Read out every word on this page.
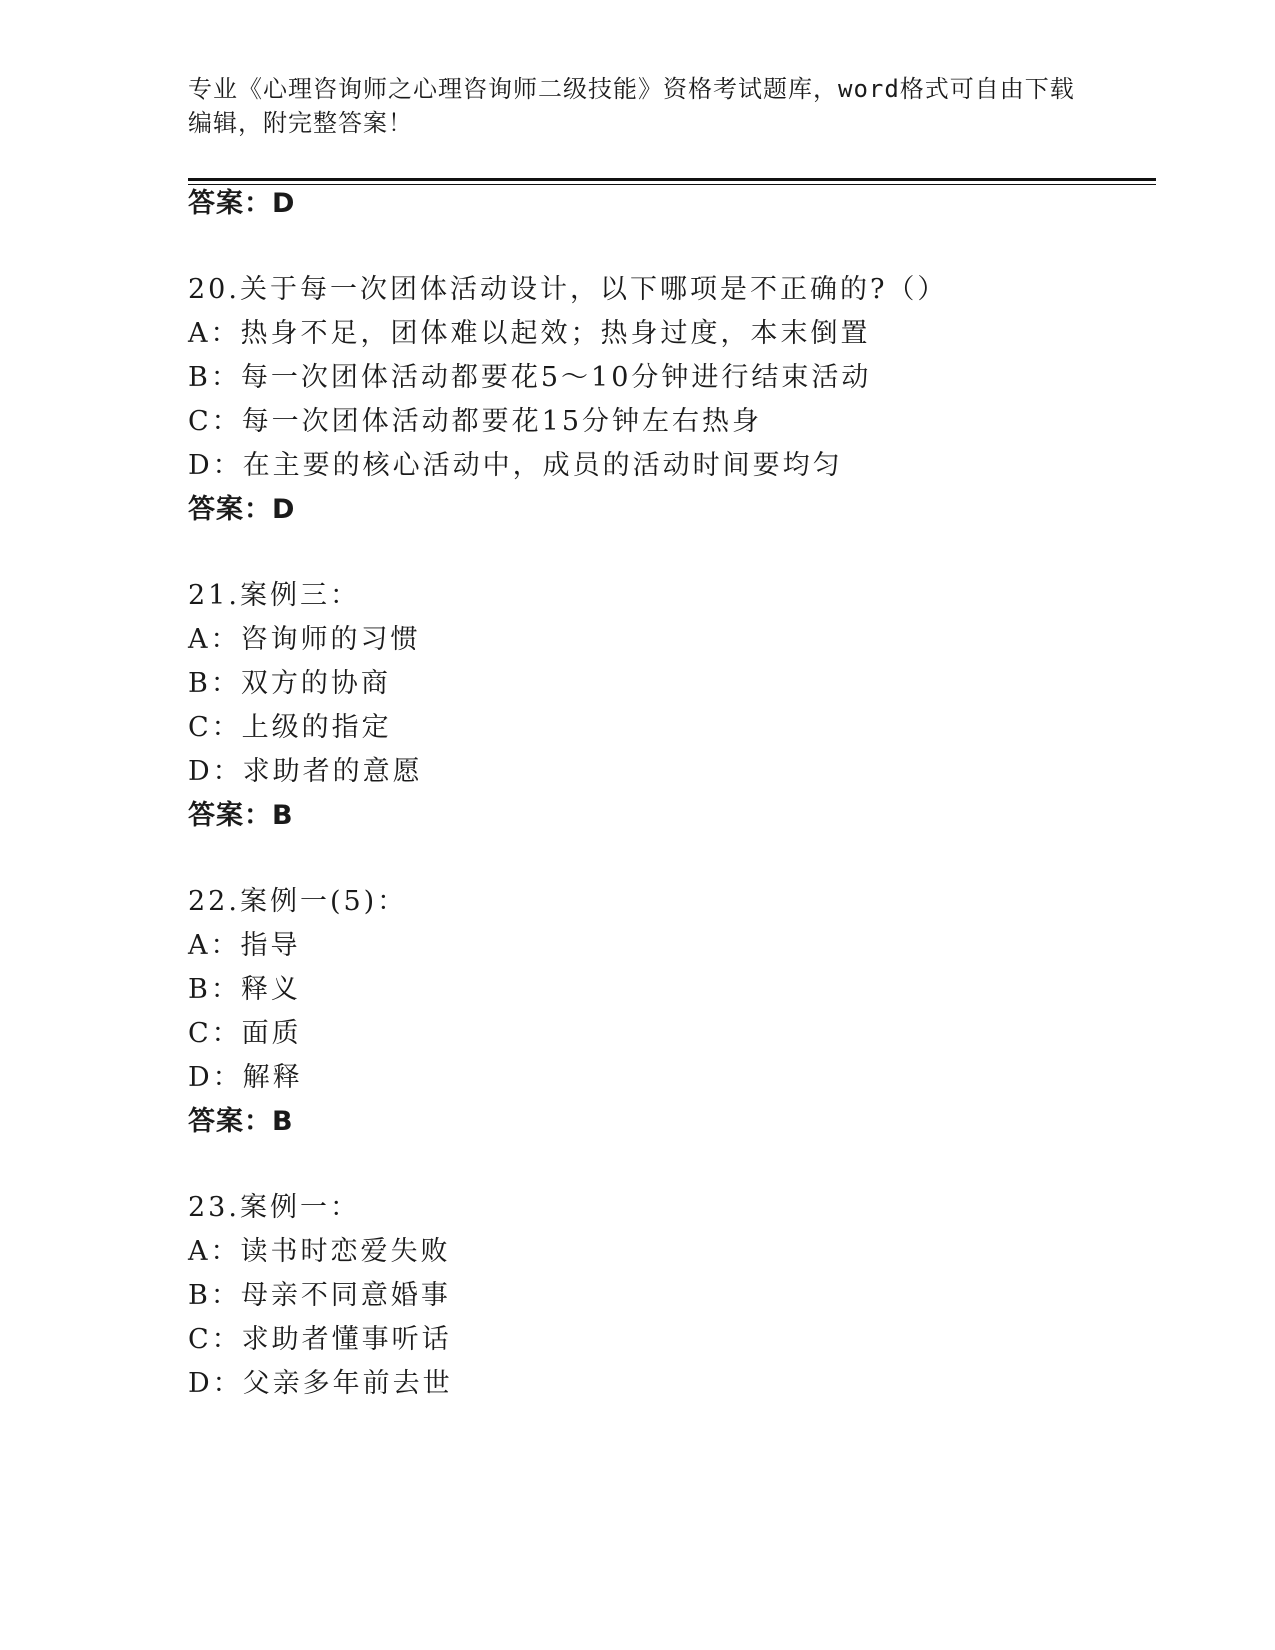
专业《心理咨询师之心理咨询师二级技能》资格考试题库，word格式可自由下载
编辑，附完整答案！
答案：D
20.关于每一次团体活动设计，以下哪项是不正确的?（）
A：热身不足，团体难以起效；热身过度，本末倒置
B：每一次团体活动都要花5～10分钟进行结束活动
C：每一次团体活动都要花15分钟左右热身
D：在主要的核心活动中，成员的活动时间要均匀
答案：D
21.案例三：
A：咨询师的习惯
B：双方的协商
C：上级的指定
D：求助者的意愿
答案：B
22.案例一(5)：
A：指导
B：释义
C：面质
D：解释
答案：B
23.案例一：
A：读书时恋爱失败
B：母亲不同意婚事
C：求助者懂事听话
D：父亲多年前去世
